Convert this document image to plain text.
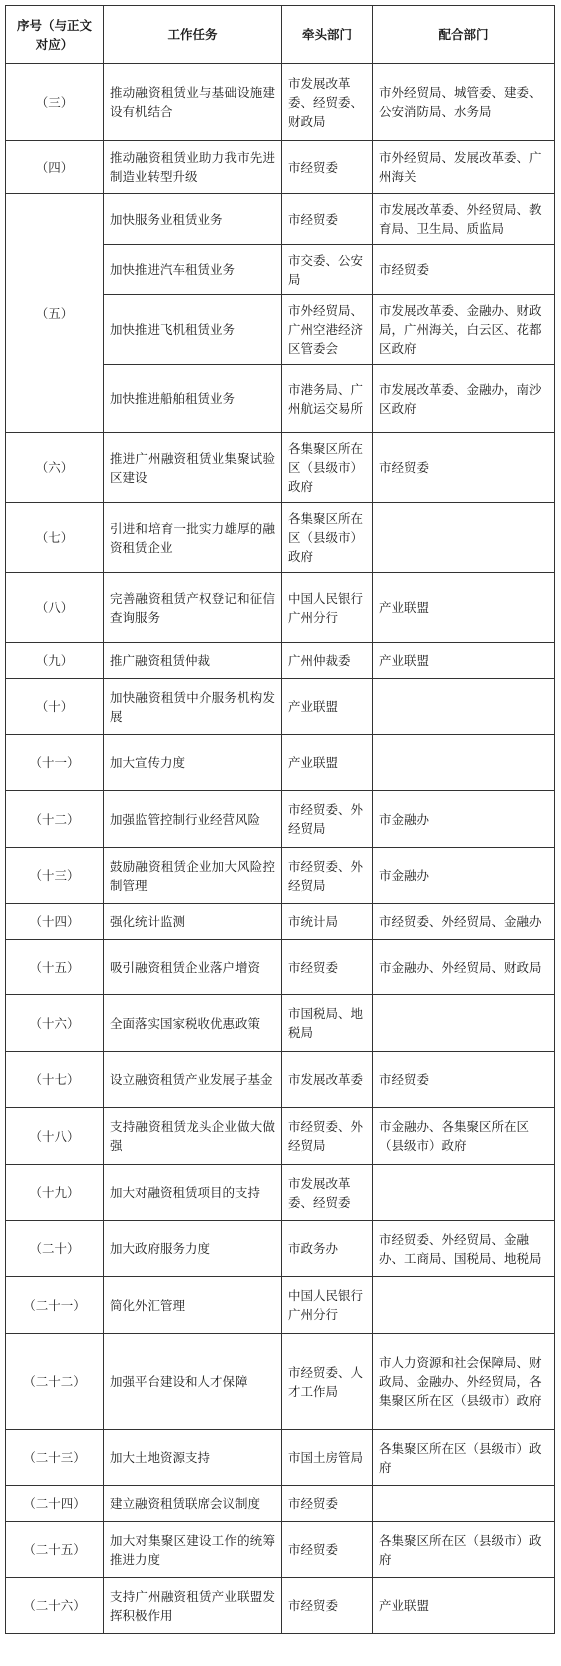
序号（与正文对应）	工作任务	牵头部门	配合部门
（三）	推动融资租赁业与基础设施建设有机结合	市发展改革委、经贸委、财政局	市外经贸局、城管委、建委、公安消防局、水务局
（四）	推动融资租赁业助力我市先进制造业转型升级	市经贸委	市外经贸局、发展改革委、广州海关
（五）	加快服务业租赁业务	市经贸委	市发展改革委、外经贸局、教育局、卫生局、质监局
	加快推进汽车租赁业务	市交委、公安局	市经贸委
	加快推进飞机租赁业务	市外经贸局、广州空港经济区管委会	市发展改革委、金融办、财政局，广州海关，白云区、花都区政府
	加快推进船舶租赁业务	市港务局、广州航运交易所	市发展改革委、金融办，南沙区政府
（六）	推进广州融资租赁业集聚试验区建设	各集聚区所在区（县级市）政府	市经贸委
（七）	引进和培育一批实力雄厚的融资租赁企业	各集聚区所在区（县级市）政府	
（八）	完善融资租赁产权登记和征信查询服务	中国人民银行广州分行	产业联盟
（九）	推广融资租赁仲裁	广州仲裁委	产业联盟
（十）	加快融资租赁中介服务机构发展	产业联盟	
（十一）	加大宣传力度	产业联盟	
（十二）	加强监管控制行业经营风险	市经贸委、外经贸局	市金融办
（十三）	鼓励融资租赁企业加大风险控制管理	市经贸委、外经贸局	市金融办
（十四）	强化统计监测	市统计局	市经贸委、外经贸局、金融办
（十五）	吸引融资租赁企业落户增资	市经贸委	市金融办、外经贸局、财政局
（十六）	全面落实国家税收优惠政策	市国税局、地税局	
（十七）	设立融资租赁产业发展子基金	市发展改革委	市经贸委
（十八）	支持融资租赁龙头企业做大做强	市经贸委、外经贸局	市金融办、各集聚区所在区（县级市）政府
（十九）	加大对融资租赁项目的支持	市发展改革委、经贸委	
（二十）	加大政府服务力度	市政务办	市经贸委、外经贸局、金融办、工商局、国税局、地税局
（二十一）	简化外汇管理	中国人民银行广州分行	
（二十二）	加强平台建设和人才保障	市经贸委、人才工作局	市人力资源和社会保障局、财政局、金融办、外经贸局，各集聚区所在区（县级市）政府
（二十三）	加大土地资源支持	市国土房管局	各集聚区所在区（县级市）政府
（二十四）	建立融资租赁联席会议制度	市经贸委	
（二十五）	加大对集聚区建设工作的统筹推进力度	市经贸委	各集聚区所在区（县级市）政府
（二十六）	支持广州融资租赁产业联盟发挥积极作用	市经贸委	产业联盟
